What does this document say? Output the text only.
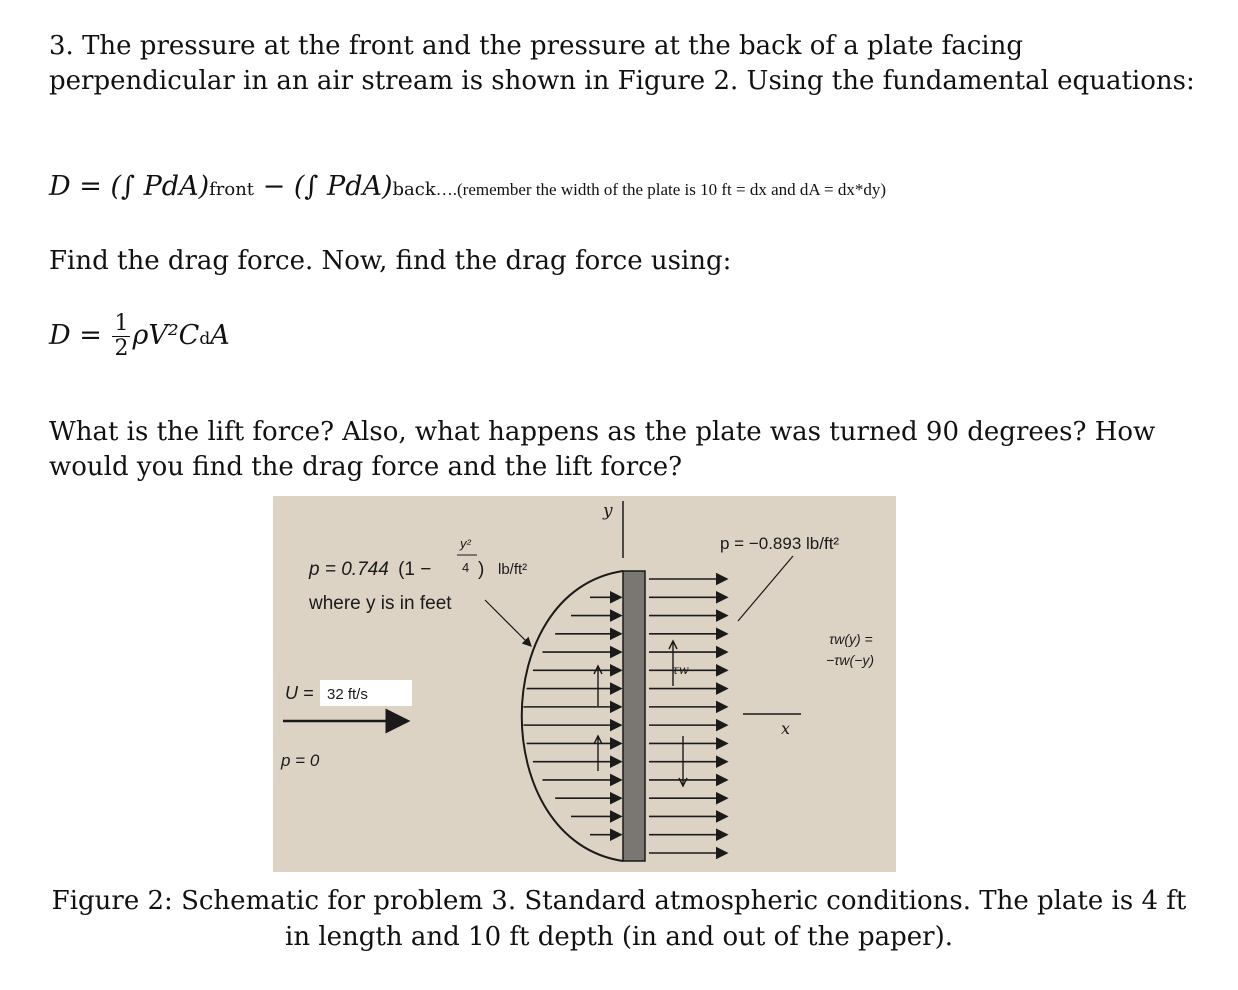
3. The pressure at the front and the pressure at the back of a plate facing perpendicular in an air stream is shown in Figure 2. Using the fundamental equations:

D = (∫ PdA)front − (∫ PdA)back….(remember the width of the plate is 10 ft = dx and dA = dx*dy)

Find the drag force. Now, find the drag force using:

$D = \frac{1}{2} \rho V^2CdA$

What is the lift force? Also, what happens as the plate was turned 90 degrees? How would you find the drag force and the lift force?

y
τw
x
p = 0.744 (1 −
y²
4 ) lb/ft²
where y is in feet
p = −0.893 lb/ft²
τw(y) =
−τw(−y)
U = 32 ft/s
p = 0

Figure 2: Schematic for problem 3. Standard atmospheric conditions. The plate is 4 ft in length and 10 ft depth (in and out of the paper).
